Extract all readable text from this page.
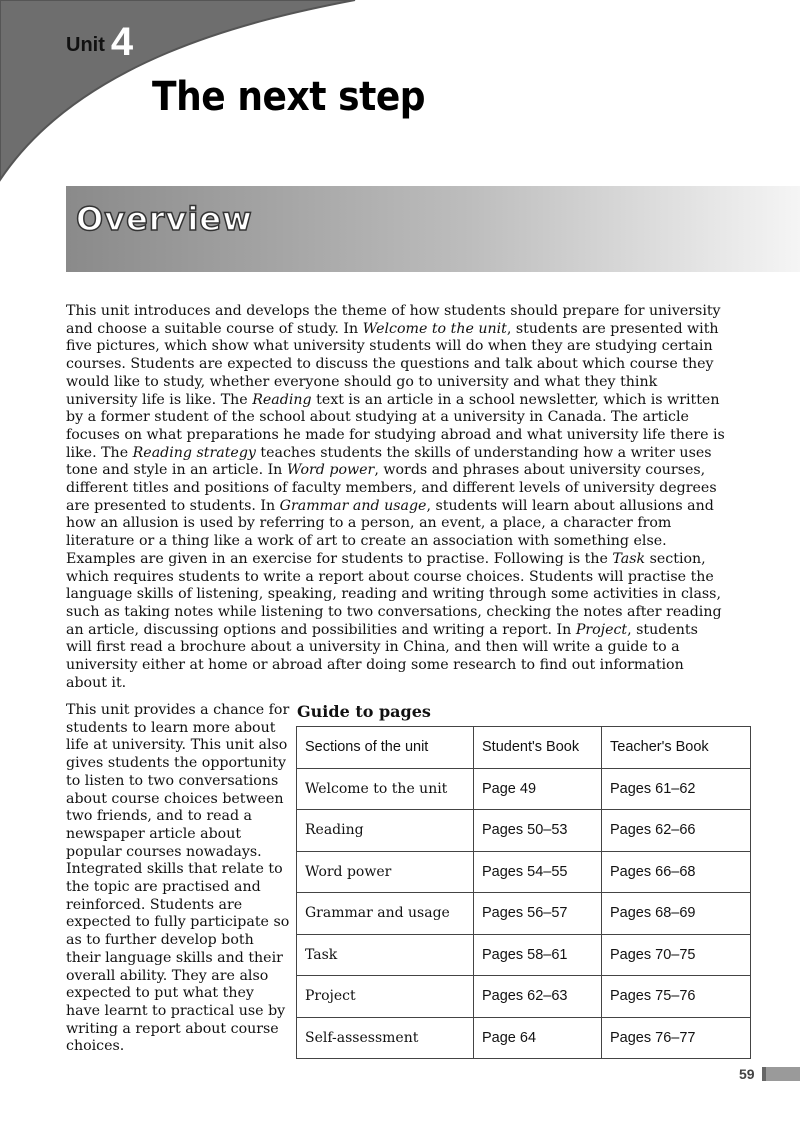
Unit 4
The next step
Overview

This unit introduces and develops the theme of how students should prepare for university and choose a suitable course of study. In Welcome to the unit, students are presented with five pictures, which show what university students will do when they are studying certain courses. Students are expected to discuss the questions and talk about which course they would like to study, whether everyone should go to university and what they think university life is like. The Reading text is an article in a school newsletter, which is written by a former student of the school about studying at a university in Canada. The article focuses on what preparations he made for studying abroad and what university life there is like. The Reading strategy teaches students the skills of understanding how a writer uses tone and style in an article. In Word power, words and phrases about university courses, different titles and positions of faculty members, and different levels of university degrees are presented to students. In Grammar and usage, students will learn about allusions and how an allusion is used by referring to a person, an event, a place, a character from literature or a thing like a work of art to create an association with something else. Examples are given in an exercise for students to practise. Following is the Task section, which requires students to write a report about course choices. Students will practise the language skills of listening, speaking, reading and writing through some activities in class, such as taking notes while listening to two conversations, checking the notes after reading an article, discussing options and possibilities and writing a report. In Project, students will first read a brochure about a university in China, and then will write a guide to a university either at home or abroad after doing some research to find out information about it.

This unit provides a chance for students to learn more about life at university. This unit also gives students the opportunity to listen to two conversations about course choices between two friends, and to read a newspaper article about popular courses nowadays. Integrated skills that relate to the topic are practised and reinforced. Students are expected to fully participate so as to further develop both their language skills and their overall ability. They are also expected to put what they have learnt to practical use by writing a report about course choices.

Guide to pages
Sections of the unit	Student's Book	Teacher's Book
Welcome to the unit	Page 49	Pages 61–62
Reading	Pages 50–53	Pages 62–66
Word power	Pages 54–55	Pages 66–68
Grammar and usage	Pages 56–57	Pages 68–69
Task	Pages 58–61	Pages 70–75
Project	Pages 62–63	Pages 75–76
Self-assessment	Page 64	Pages 76–77
59
